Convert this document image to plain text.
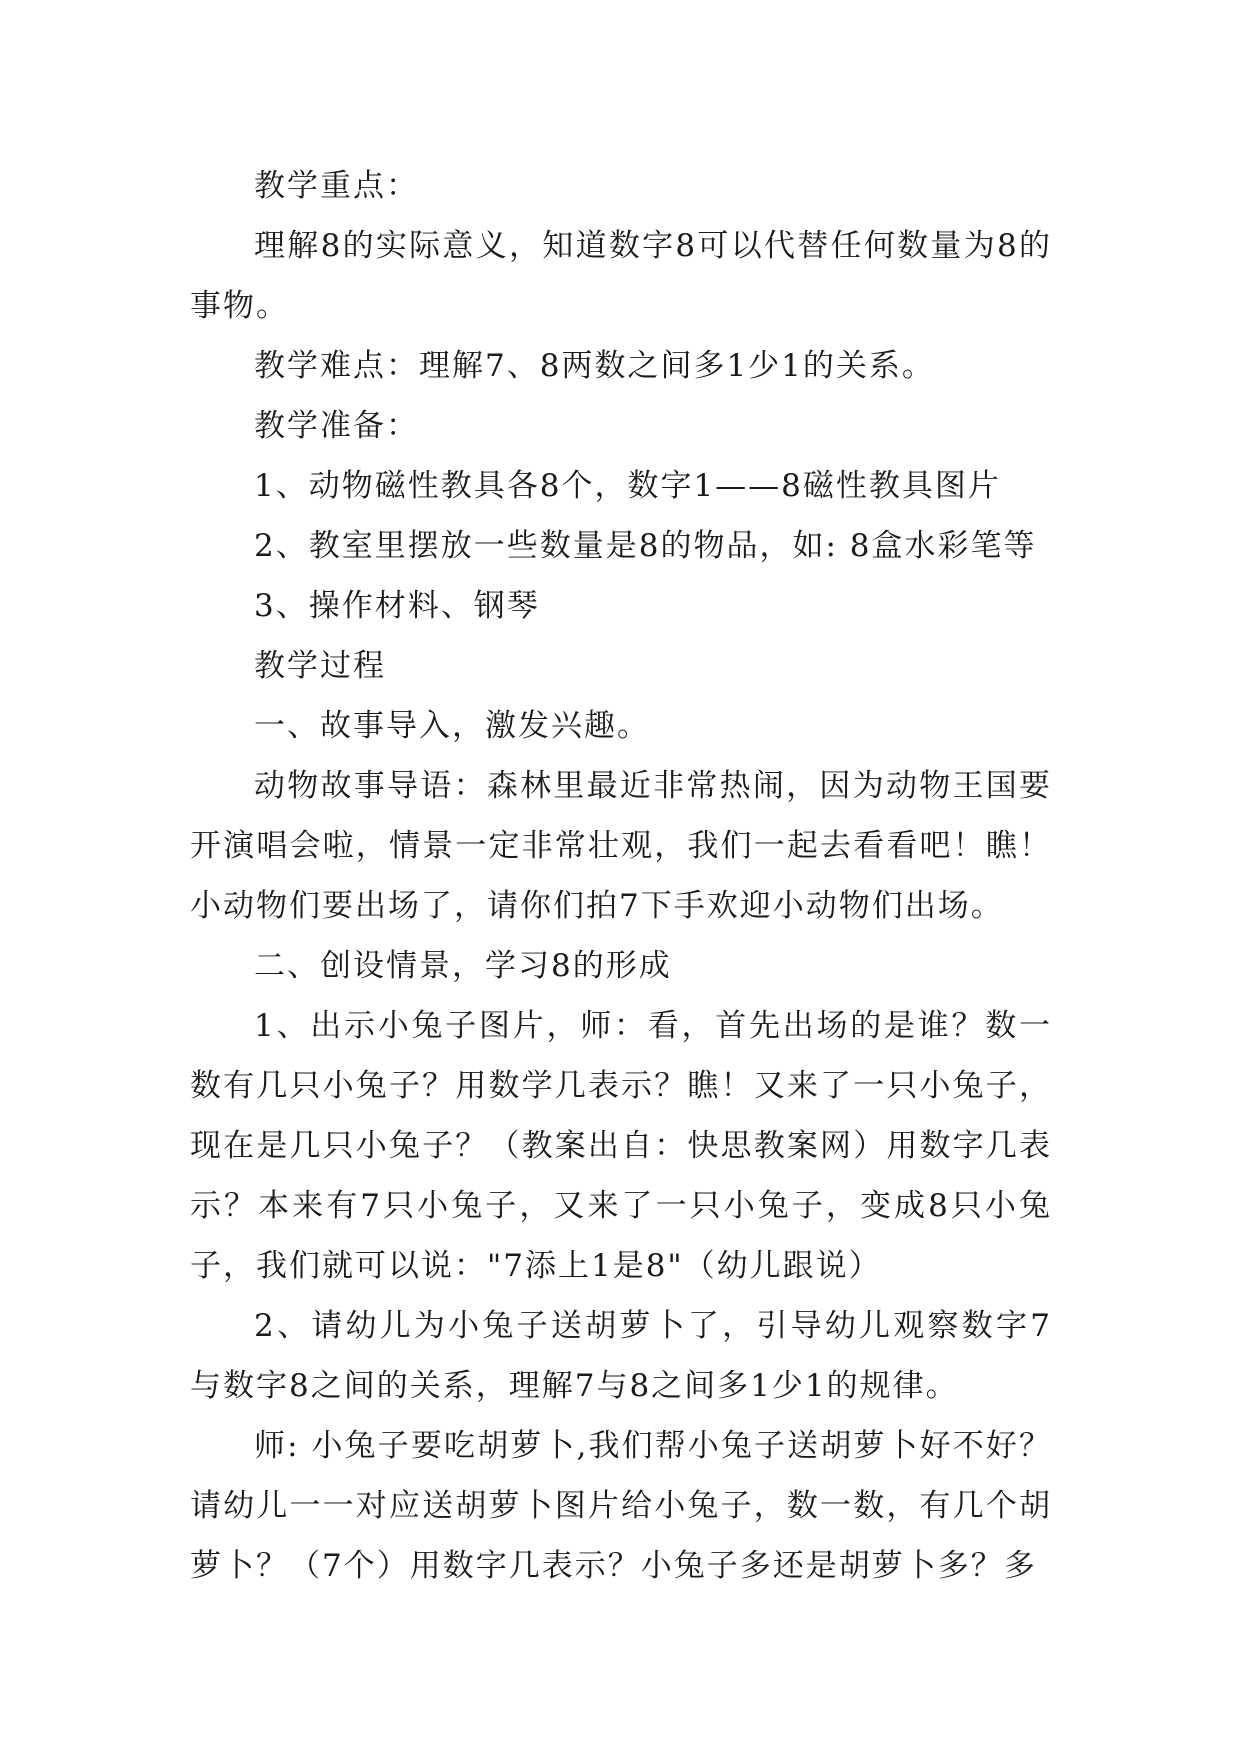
教学重点：

理解8的实际意义，知道数字8可以代替任何数量为8的事物。

教学难点：理解7、8两数之间多1少1的关系。

教学准备：

1、动物磁性教具各8个，数字1——8磁性教具图片

2、教室里摆放一些数量是8的物品，如: 8盒水彩笔等

3、操作材料、钢琴

教学过程

一、故事导入，激发兴趣。

动物故事导语：森林里最近非常热闹，因为动物王国要开演唱会啦，情景一定非常壮观，我们一起去看看吧！瞧！小动物们要出场了，请你们拍7下手欢迎小动物们出场。

二、创设情景，学习8的形成

1、出示小兔子图片，师：看，首先出场的是谁？数一数有几只小兔子？用数学几表示？瞧！又来了一只小兔子，现在是几只小兔子？（教案出自：快思教案网）用数字几表示？本来有7只小兔子，又来了一只小兔子，变成8只小兔子，我们就可以说："7添上1是8"（幼儿跟说）

2、请幼儿为小兔子送胡萝卜了，引导幼儿观察数字7与数字8之间的关系，理解7与8之间多1少1的规律。

师: 小兔子要吃胡萝卜,我们帮小兔子送胡萝卜好不好？请幼儿一一对应送胡萝卜图片给小兔子，数一数，有几个胡萝卜？（7个）用数字几表示？小兔子多还是胡萝卜多？多
